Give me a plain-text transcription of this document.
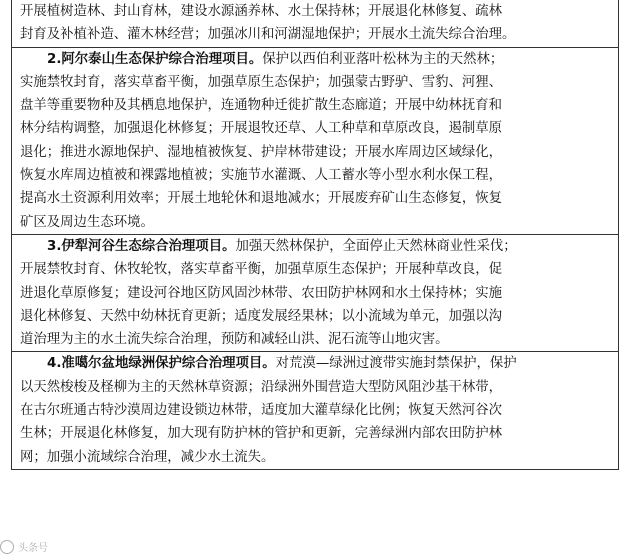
开展植树造林、封山育林，建设水源涵养林、水土保持林；开展退化林修复、疏林
封育及补植补造、灌木林经营；加强冰川和河湖湿地保护；开展水土流失综合治理。
2.阿尔泰山生态保护综合治理项目。保护以西伯利亚落叶松林为主的天然林；
实施禁牧封育，落实草畜平衡，加强草原生态保护；加强蒙古野驴、雪豹、河狸、
盘羊等重要物种及其栖息地保护，连通物种迁徙扩散生态廊道；开展中幼林抚育和
林分结构调整，加强退化林修复；开展退牧还草、人工种草和草原改良，遏制草原
退化；推进水源地保护、湿地植被恢复、护岸林带建设；开展水库周边区域绿化，
恢复水库周边植被和裸露地植被；实施节水灌溉、人工蓄水等小型水利水保工程，
提高水土资源利用效率；开展土地轮休和退地减水；开展废弃矿山生态修复，恢复
矿区及周边生态环境。
3.伊犁河谷生态综合治理项目。加强天然林保护，全面停止天然林商业性采伐；
开展禁牧封育、休牧轮牧，落实草畜平衡，加强草原生态保护；开展种草改良，促
进退化草原修复；建设河谷地区防风固沙林带、农田防护林网和水土保持林；实施
退化林修复、天然中幼林抚育更新；适度发展经果林；以小流域为单元，加强以沟
道治理为主的水土流失综合治理，预防和减轻山洪、泥石流等山地灾害。
4.准噶尔盆地绿洲保护综合治理项目。对荒漠—绿洲过渡带实施封禁保护，保护
以天然梭梭及柽柳为主的天然林草资源；沿绿洲外围营造大型防风阻沙基干林带，
在古尔班通古特沙漠周边建设锁边林带，适度加大灌草绿化比例；恢复天然河谷次
生林；开展退化林修复，加大现有防护林的管护和更新，完善绿洲内部农田防护林
网；加强小流域综合治理，减少水土流失。
头条号
